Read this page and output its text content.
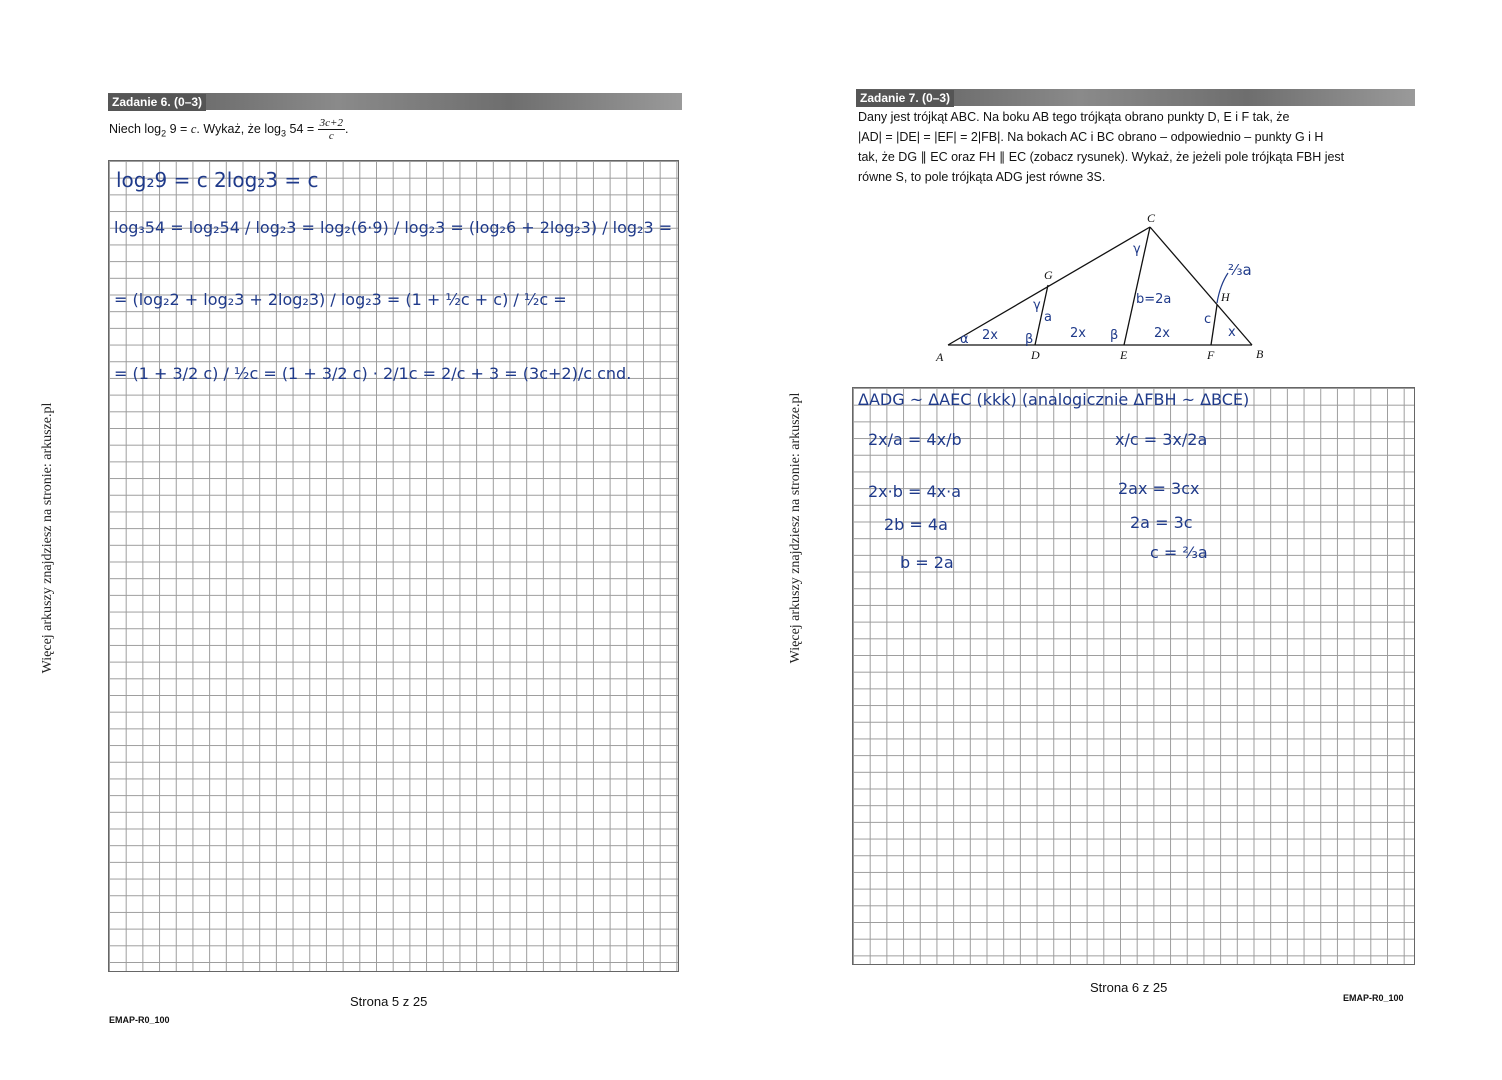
Więcej arkuszy znajdziesz na stronie: arkusze.pl
Zadanie 6. (0–3)
Niech $\log_2 9 = c$. Wykaż, że $\log_3 54 = \frac{3c+2}{c}$ .
log₂9 = c 2log₂3 = c
log₃54 = log₂54 / log₂3 = log₂(6·9) / log₂3 = (log₂6 + 2log₂3) / log₂3 =
= (log₂2 + log₂3 + 2log₂3) / log₂3 = (1 + ½c + c) / ½c =
= (1 + 3/2 c) / ½c = (1 + 3/2 c) · 2/1c = 2/c + 3 = (3c+2)/c cnd.
Strona 5 z 25
EMAP-R0_100
Więcej arkuszy znajdziesz na stronie: arkusze.pl
Zadanie 7. (0–3)
Dany jest trójkąt ABC. Na boku AB tego trójkąta obrano punkty D, E i F tak, że
|AD| = |DE| = |EF| = 2|FB|. Na bokach AC i BC obrano – odpowiednio – punkty G i H
tak, że DG ∥ EC oraz FH ∥ EC (zobacz rysunek). Wykaż, że jeżeli pole trójkąta FBH jest
równe S, to pole trójkąta ADG jest równe 3S.
A	B
C
D	E	F
G
H
α 2x β
γ
a
2x β
γ
b=2a
2x
c
x
⅔a
ΔADG ~ ΔAEC (kkk) (analogicznie ΔFBH ~ ΔBCE)
2x/a = 4x/b
2x·b = 4x·a
2b = 4a
b = 2a
x/c = 3x/2a
2ax = 3cx
2a = 3c
c = ⅔a
Strona 6 z 25
EMAP-R0_100
